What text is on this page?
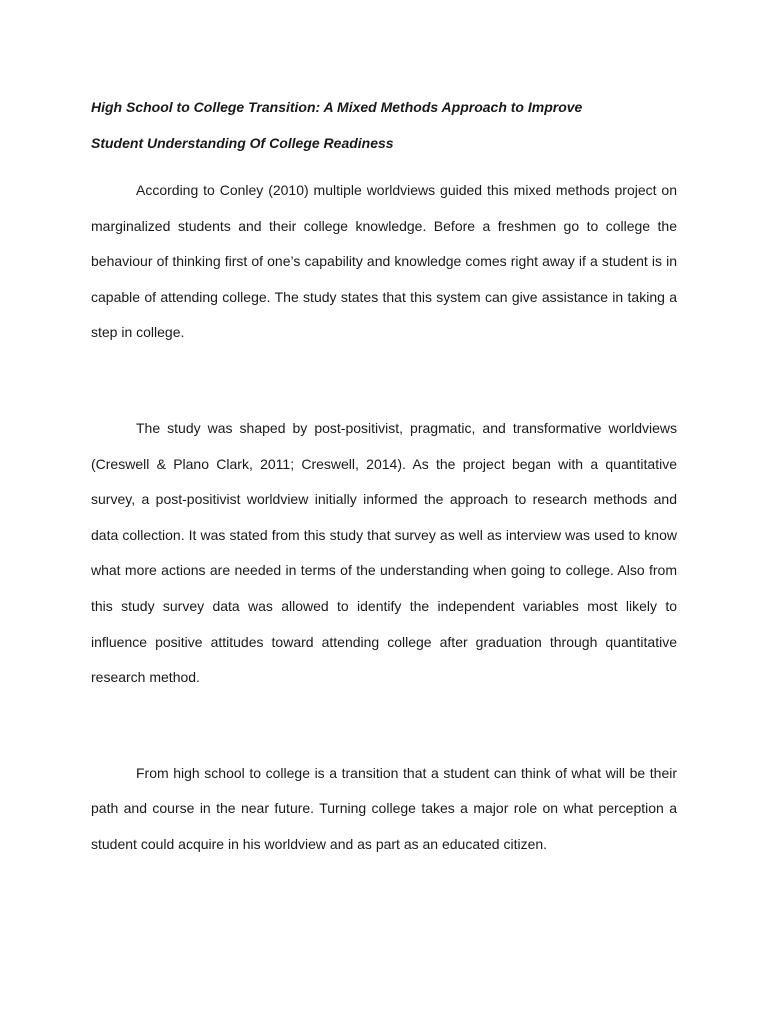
High School to College Transition: A Mixed Methods Approach to Improve

Student Understanding Of College Readiness

According to Conley (2010) multiple worldviews guided this mixed methods project on marginalized students and their college knowledge. Before a freshmen go to college the behaviour of thinking first of one’s capability and knowledge comes right away if a student is in capable of attending college. The study states that this system can give assistance in taking a step in college.

The study was shaped by post-positivist, pragmatic, and transformative worldviews (Creswell & Plano Clark, 2011; Creswell, 2014). As the project began with a quantitative survey, a post-positivist worldview initially informed the approach to research methods and data collection. It was stated from this study that survey as well as interview was used to know what more actions are needed in terms of the understanding when going to college. Also from this study survey data was allowed to identify the independent variables most likely to influence positive attitudes toward attending college after graduation through quantitative research method.

From high school to college is a transition that a student can think of what will be their path and course in the near future. Turning college takes a major role on what perception a student could acquire in his worldview and as part as an educated citizen.
